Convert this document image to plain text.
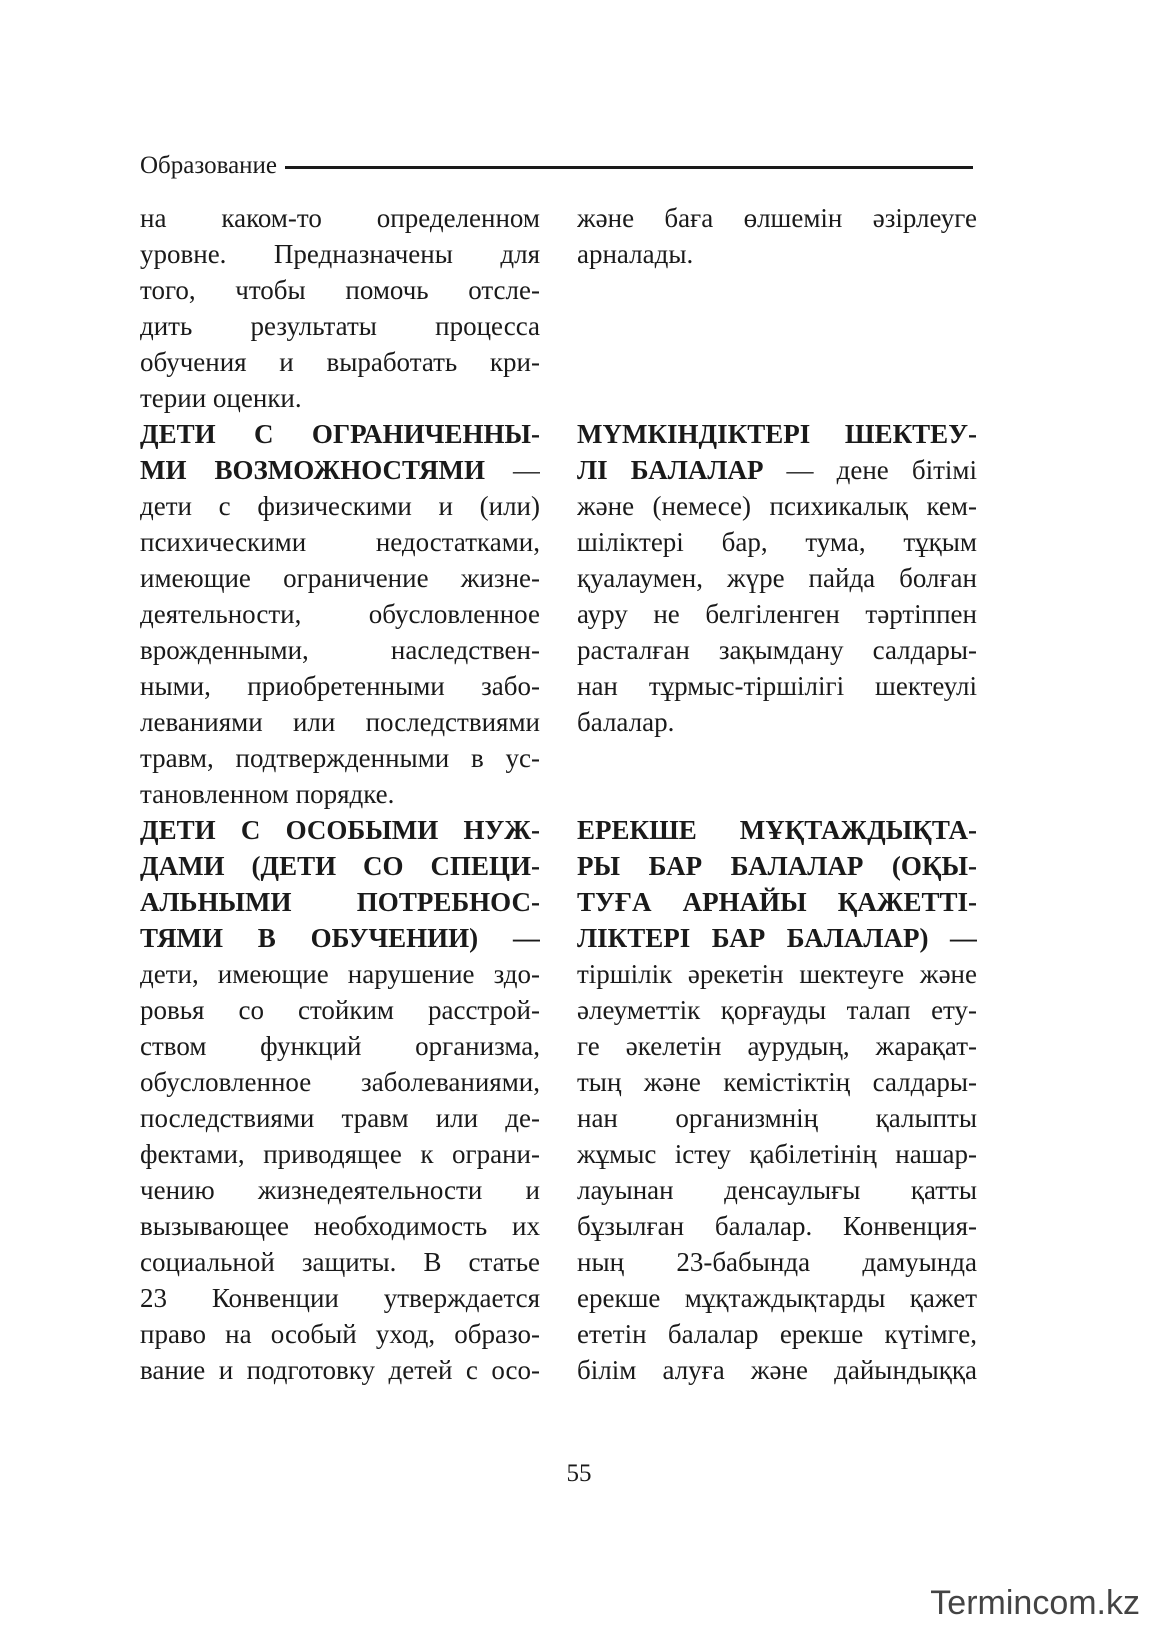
Образование
на каком-то определенном
уровне. Предназначены для
того, чтобы помочь отсле-
дить результаты процесса
обучения и выработать кри-
терии оценки.
ДЕТИ С ОГРАНИЧЕННЫ-
МИ ВОЗМОЖНОСТЯМИ —
дети с физическими и (или)
психическими недостатками,
имеющие ограничение жизне-
деятельности, обусловленное
врожденными, наследствен-
ными, приобретенными забо-
леваниями или последствиями
травм, подтвержденными в ус-
тановленном порядке.
ДЕТИ С ОСОБЫМИ НУЖ-
ДАМИ (ДЕТИ СО СПЕЦИ-
АЛЬНЫМИ ПОТРЕБНОС-
ТЯМИ В ОБУЧЕНИИ) —
дети, имеющие нарушение здо-
ровья со стойким расстрой-
ством функций организма,
обусловленное заболеваниями,
последствиями травм или де-
фектами, приводящее к ограни-
чению жизнедеятельности и
вызывающее необходимость их
социальной защиты. В статье
23 Конвенции утверждается
право на особый уход, образо-
вание и подготовку детей с осо-
және баға өлшемін әзірлеуге
арналады.
МҮМКІНДІКТЕРІ ШЕКТЕУ-
ЛІ БАЛАЛАР — дене бітімі
және (немесе) психикалық кем-
шіліктері бар, тума, тұқым
қуалаумен, жүре пайда болған
ауру не белгіленген тәртіппен
расталған зақымдану салдары-
нан тұрмыс-тіршілігі шектеулі
балалар.
ЕРЕКШЕ МҰҚТАЖДЫҚТА-
РЫ БАР БАЛАЛАР (ОҚЫ-
ТУҒА АРНАЙЫ ҚАЖЕТТІ-
ЛІКТЕРІ БАР БАЛАЛАР) —
тіршілік әрекетін шектеуге және
әлеуметтік қорғауды талап ету-
ге әкелетін аурудың, жарақат-
тың және кемістіктің салдары-
нан организмнің қалыпты
жұмыс істеу қабілетінің нашар-
лауынан денсаулығы қатты
бұзылған балалар. Конвенция-
ның 23-бабында дамуында
ерекше мұқтаждықтарды қажет
ететін балалар ерекше күтімге,
білім алуға және дайындыққа
55
Termincom.kz
